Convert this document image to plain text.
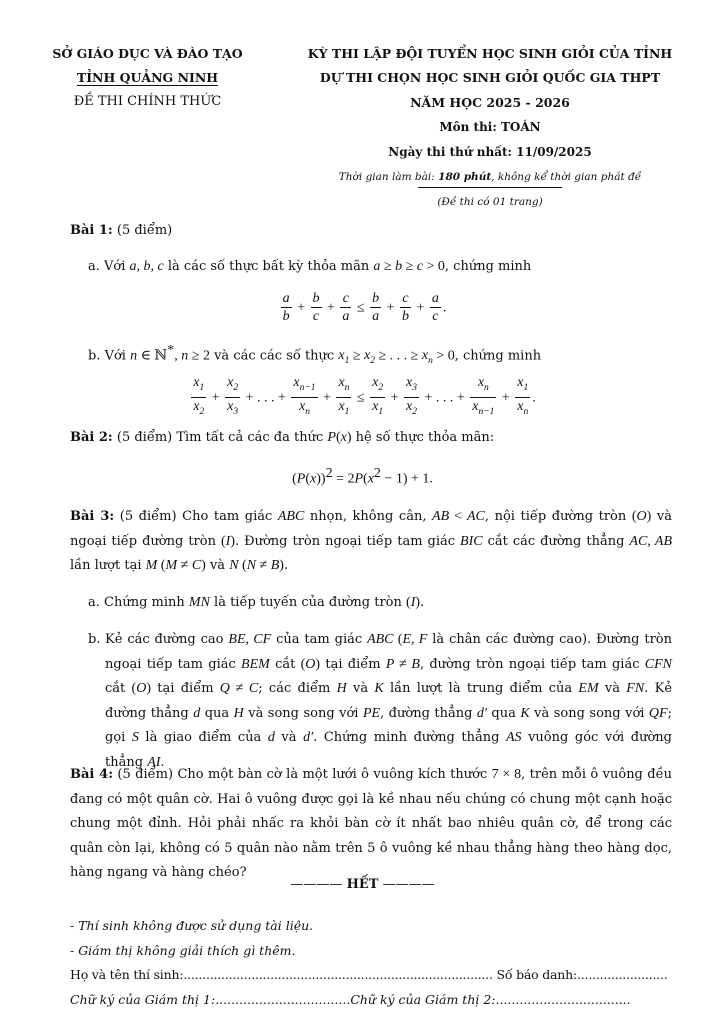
SỞ GIÁO DỤC VÀ ĐÀO TẠO
TỈNH QUẢNG NINH
ĐỀ THI CHÍNH THỨC
KỲ THI LẬP ĐỘI TUYỂN HỌC SINH GIỎI CỦA TỈNH
DỰ THI CHỌN HỌC SINH GIỎI QUỐC GIA THPT
NĂM HỌC 2025 - 2026
Môn thi: TOÁN
Ngày thi thứ nhất: 11/09/2025
Thời gian làm bài: 180 phút, không kể thời gian phát đề
(Đề thi có 01 trang)
Bài 1: (5 điểm)
a. Với a, b, c là các số thực bất kỳ thỏa mãn a ≥ b ≥ c > 0, chứng minh
$\frac{a}{b} + \frac{b}{c} + \frac{c}{a} \le \frac{b}{a} + \frac{c}{b} + \frac{a}{c}$ .
b. Với n ∈ ℕ*, n ≥ 2 và các các số thực $x_1 \ge x_2$ ≥ . . . ≥ $x_n > 0$, chứng minh
$\frac{x_1}{x_2} + \frac{x_2}{x_3}$ + . . . + $\frac{x_{n-1}}{x_n} + \frac{x_n}{x_1} \le \frac{x_2}{x_1} + \frac{x_3}{x_2}$ + . . . + $\frac{x_n}{x_{n-1}} + \frac{x_1}{x_n}$ .
Bài 2: (5 điểm) Tìm tất cả các đa thức P(x) hệ số thực thỏa mãn:
$(P(x))^2 = 2P(x^2 - 1) + 1$.
Bài 3: (5 điểm) Cho tam giác ABC nhọn, không cân, AB < AC, nội tiếp đường tròn (O) và ngoại tiếp đường tròn (I). Đường tròn ngoại tiếp tam giác BIC cắt các đường thẳng AC, AB lần lượt tại M (M ≠ C) và N (N ≠ B).
a. Chứng minh MN là tiếp tuyến của đường tròn (I).
b. Kẻ các đường cao BE, CF của tam giác ABC (E, F là chân các đường cao). Đường tròn ngoại tiếp tam giác BEM cắt (O) tại điểm P ≠ B, đường tròn ngoại tiếp tam giác CFN cắt (O) tại điểm Q ≠ C; các điểm H và K lần lượt là trung điểm của EM và FN. Kẻ đường thẳng d qua H và song song với PE, đường thẳng d′ qua K và song song với QF; gọi S là giao điểm của d và d′. Chứng minh đường thẳng AS vuông góc với đường thẳng AI.
Bài 4: (5 điểm) Cho một bàn cờ là một lưới ô vuông kích thước 7 × 8, trên mỗi ô vuông đều đang có một quân cờ. Hai ô vuông được gọi là kề nhau nếu chúng có chung một cạnh hoặc chung một đỉnh. Hỏi phải nhấc ra khỏi bàn cờ ít nhất bao nhiêu quân cờ, để trong các quân còn lại, không có 5 quân nào nằm trên 5 ô vuông kề nhau thẳng hàng theo hàng dọc, hàng ngang và hàng chéo?
———— HẾT ————
- Thí sinh không được sử dụng tài liệu.
- Giám thị không giải thích gì thêm.
Họ và tên thí sinh:.................................................................................. Số báo danh:........................
Chữ ký của Giám thị 1:..................................Chữ ký của Giám thị 2:..................................
